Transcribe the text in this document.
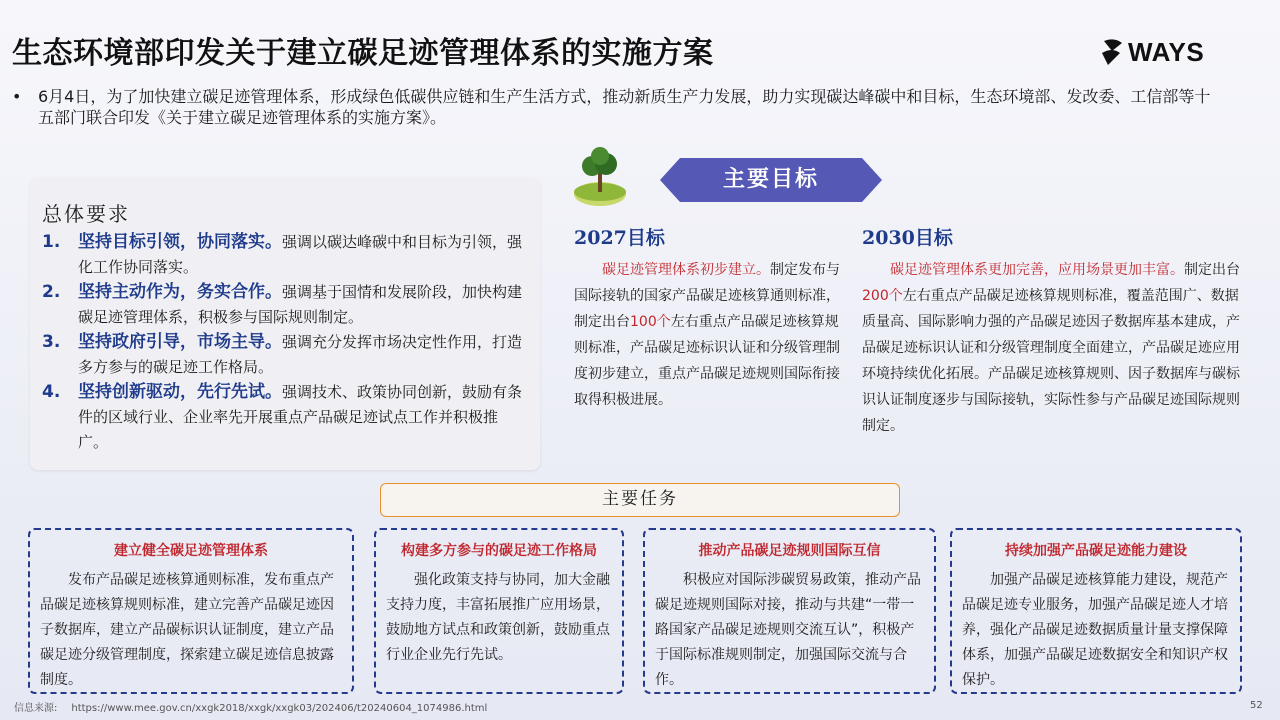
生态环境部印发关于建立碳足迹管理体系的实施方案	WAYS
•	6月4日，为了加快建立碳足迹管理体系，形成绿色低碳供应链和生产生活方式，推动新质生产力发展，助力实现碳达峰碳中和目标，生态环境部、发改委、工信部等十五部门联合印发《关于建立碳足迹管理体系的实施方案》。
总体要求
1.	坚持目标引领，协同落实。强调以碳达峰碳中和目标为引领，强化工作协同落实。
2.	坚持主动作为，务实合作。强调基于国情和发展阶段，加快构建碳足迹管理体系，积极参与国际规则制定。
3.	坚持政府引导，市场主导。强调充分发挥市场决定性作用，打造多方参与的碳足迹工作格局。
4.	坚持创新驱动，先行先试。强调技术、政策协同创新，鼓励有条件的区域行业、企业率先开展重点产品碳足迹试点工作并积极推广。
主要目标
2027目标
碳足迹管理体系初步建立。制定发布与国际接轨的国家产品碳足迹核算通则标准，制定出台100个左右重点产品碳足迹核算规则标准，产品碳足迹标识认证和分级管理制度初步建立，重点产品碳足迹规则国际衔接取得积极进展。
2030目标
碳足迹管理体系更加完善，应用场景更加丰富。制定出台200个左右重点产品碳足迹核算规则标准，覆盖范围广、数据质量高、国际影响力强的产品碳足迹因子数据库基本建成，产品碳足迹标识认证和分级管理制度全面建立，产品碳足迹应用环境持续优化拓展。产品碳足迹核算规则、因子数据库与碳标识认证制度逐步与国际接轨，实际性参与产品碳足迹国际规则制定。
主要任务
建立健全碳足迹管理体系
发布产品碳足迹核算通则标准，发布重点产品碳足迹核算规则标准，建立完善产品碳足迹因子数据库，建立产品碳标识认证制度，建立产品碳足迹分级管理制度，探索建立碳足迹信息披露制度。
构建多方参与的碳足迹工作格局
强化政策支持与协同，加大金融支持力度，丰富拓展推广应用场景，鼓励地方试点和政策创新，鼓励重点行业企业先行先试。
推动产品碳足迹规则国际互信
积极应对国际涉碳贸易政策，推动产品碳足迹规则国际对接，推动与共建“一带一路国家产品碳足迹规则交流互认”，积极产于国际标准规则制定，加强国际交流与合作。
持续加强产品碳足迹能力建设
加强产品碳足迹核算能力建设，规范产品碳足迹专业服务，加强产品碳足迹人才培养，强化产品碳足迹数据质量计量支撑保障体系，加强产品碳足迹数据安全和知识产权保护。
信息来源: https://www.mee.gov.cn/xxgk2018/xxgk/xxgk03/202406/t20240604_1074986.html	52
